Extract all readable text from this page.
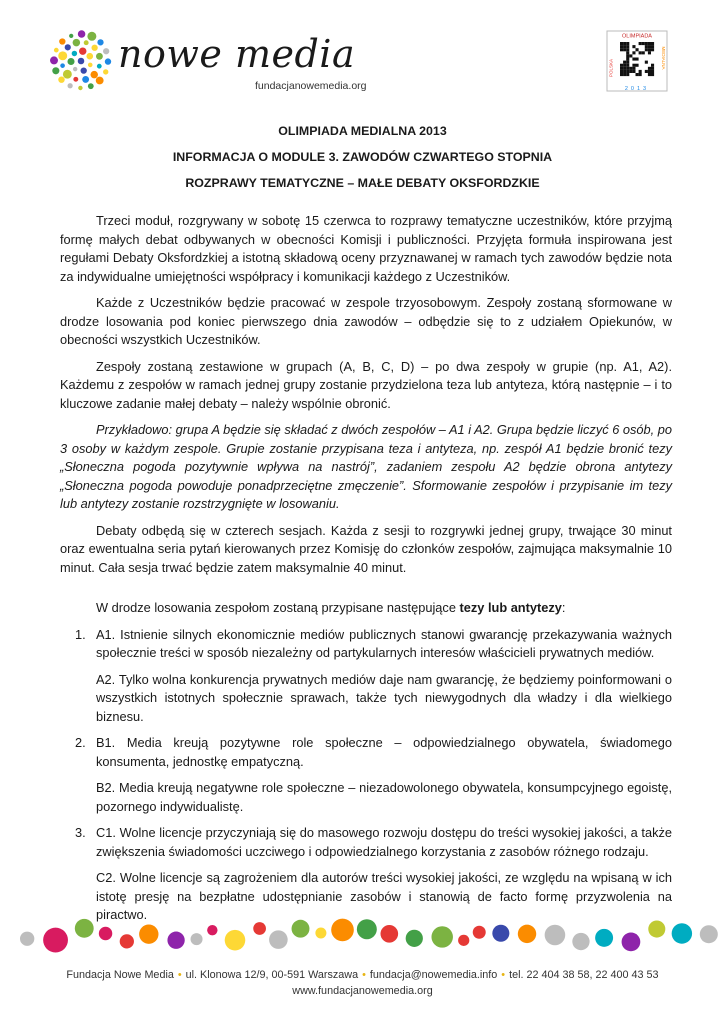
nowe media
fundacjanowemedia.org
OLIMPIADA
2013
POLSKA	MEDIALNA
OLIMPIADA MEDIALNA 2013
INFORMACJA O MODULE 3. ZAWODÓW CZWARTEGO STOPNIA
ROZPRAWY TEMATYCZNE – MAŁE DEBATY OKSFORDZKIE

Trzeci moduł, rozgrywany w sobotę 15 czerwca to rozprawy tematyczne uczestników, które przyjmą formę małych debat odbywanych w obecności Komisji i publiczności. Przyjęta formuła inspirowana jest regułami Debaty Oksfordzkiej a istotną składową oceny przyznawanej w ramach tych zawodów będzie nota za indywidualne umiejętności współpracy i komunikacji każdego z Uczestników.

Każde z Uczestników będzie pracować w zespole trzyosobowym. Zespoły zostaną sformowane w drodze losowania pod koniec pierwszego dnia zawodów – odbędzie się to z udziałem Opiekunów, w obecności wszystkich Uczestników.

Zespoły zostaną zestawione w grupach (A, B, C, D) – po dwa zespoły w grupie (np. A1, A2). Każdemu z zespołów w ramach jednej grupy zostanie przydzielona teza lub antyteza, którą następnie – i to kluczowe zadanie małej debaty – należy wspólnie obronić.

Przykładowo: grupa A będzie się składać z dwóch zespołów – A1 i A2. Grupa będzie liczyć 6 osób, po 3 osoby w każdym zespole. Grupie zostanie przypisana teza i antyteza, np. zespół A1 będzie bronić tezy „Słoneczna pogoda pozytywnie wpływa na nastrój”, zadaniem zespołu A2 będzie obrona antytezy „Słoneczna pogoda powoduje ponadprzeciętne zmęczenie”. Sformowanie zespołów i przypisanie im tezy lub antytezy zostanie rozstrzygnięte w losowaniu.

Debaty odbędą się w czterech sesjach. Każda z sesji to rozgrywki jednej grupy, trwające 30 minut oraz ewentualna seria pytań kierowanych przez Komisję do członków zespołów, zajmująca maksymalnie 10 minut. Cała sesja trwać będzie zatem maksymalnie 40 minut.

W drodze losowania zespołom zostaną przypisane następujące tezy lub antytezy:

1. A1. Istnienie silnych ekonomicznie mediów publicznych stanowi gwarancję przekazywania ważnych społecznie treści w sposób niezależny od partykularnych interesów właścicieli prywatnych mediów.

A2. Tylko wolna konkurencja prywatnych mediów daje nam gwarancję, że będziemy poinformowani o wszystkich istotnych społecznie sprawach, także tych niewygodnych dla władzy i dla wielkiego biznesu.

2. B1. Media kreują pozytywne role społeczne – odpowiedzialnego obywatela, świadomego konsumenta, jednostkę empatyczną.

B2. Media kreują negatywne role społeczne – niezadowolonego obywatela, konsumpcyjnego egoistę, pozornego indywidualistę.

3. C1. Wolne licencje przyczyniają się do masowego rozwoju dostępu do treści wysokiej jakości, a także zwiększenia świadomości uczciwego i odpowiedzialnego korzystania z zasobów różnego rodzaju.

C2. Wolne licencje są zagrożeniem dla autorów treści wysokiej jakości, ze względu na wpisaną w ich istotę presję na bezpłatne udostępnianie zasobów i stanowią de facto formę przyzwolenia na piractwo.

Fundacja Nowe Media • ul. Klonowa 12/9, 00-591 Warszawa • fundacja@nowemedia.info • tel. 22 404 38 58, 22 400 43 53
www.fundacjanowemedia.org
